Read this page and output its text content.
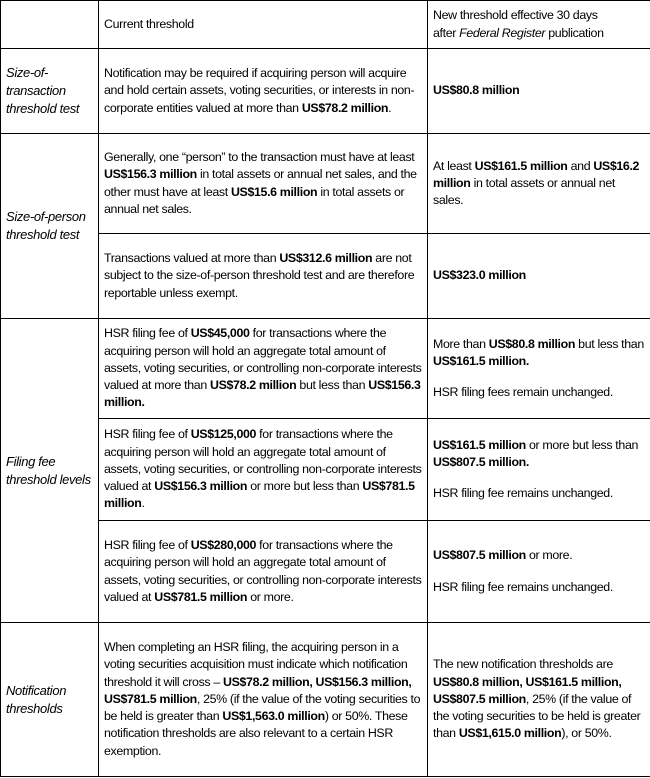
	Current threshold	New threshold effective 30 days
after Federal Register publication

Size-of-transaction threshold test	Notification may be required if acquiring person will acquire and hold certain assets, voting securities, or interests in non-corporate entities valued at more than US$78.2 million.	US$80.8 million
Size-of-person threshold test	Generally, one “person” to the transaction must have at least US$156.3 million in total assets or annual net sales, and the other must have at least US$15.6 million in total assets or annual net sales.	At least US$161.5 million and US$16.2 million in total assets or annual net sales.
	Transactions valued at more than US$312.6 million are not subject to the size-of-person threshold test and are therefore reportable unless exempt.	US$323.0 million
Filing fee threshold levels	HSR filing fee of US$45,000 for transactions where the acquiring person will hold an aggregate total amount of assets, voting securities, or controlling non-corporate interests valued at more than US$78.2 million but less than US$156.3 million.	More than US$80.8 million but less than US$161.5 million.
HSR filing fees remain unchanged.
	HSR filing fee of US$125,000 for transactions where the acquiring person will hold an aggregate total amount of assets, voting securities, or controlling non-corporate interests valued at US$156.3 million or more but less than US$781.5 million.	US$161.5 million or more but less than US$807.5 million.
HSR filing fee remains unchanged.
	HSR filing fee of US$280,000 for transactions where the acquiring person will hold an aggregate total amount of assets, voting securities, or controlling non-corporate interests valued at US$781.5 million or more.	US$807.5 million or more.
HSR filing fee remains unchanged.
Notification thresholds	When completing an HSR filing, the acquiring person in a voting securities acquisition must indicate which notification threshold it will cross – US$78.2 million, US$156.3 million, US$781.5 million, 25% (if the value of the voting securities to be held is greater than US$1,563.0 million) or 50%. These notification thresholds are also relevant to a certain HSR exemption.	The new notification thresholds are US$80.8 million, US$161.5 million, US$807.5 million, 25% (if the value of the voting securities to be held is greater than US$1,615.0 million), or 50%.
